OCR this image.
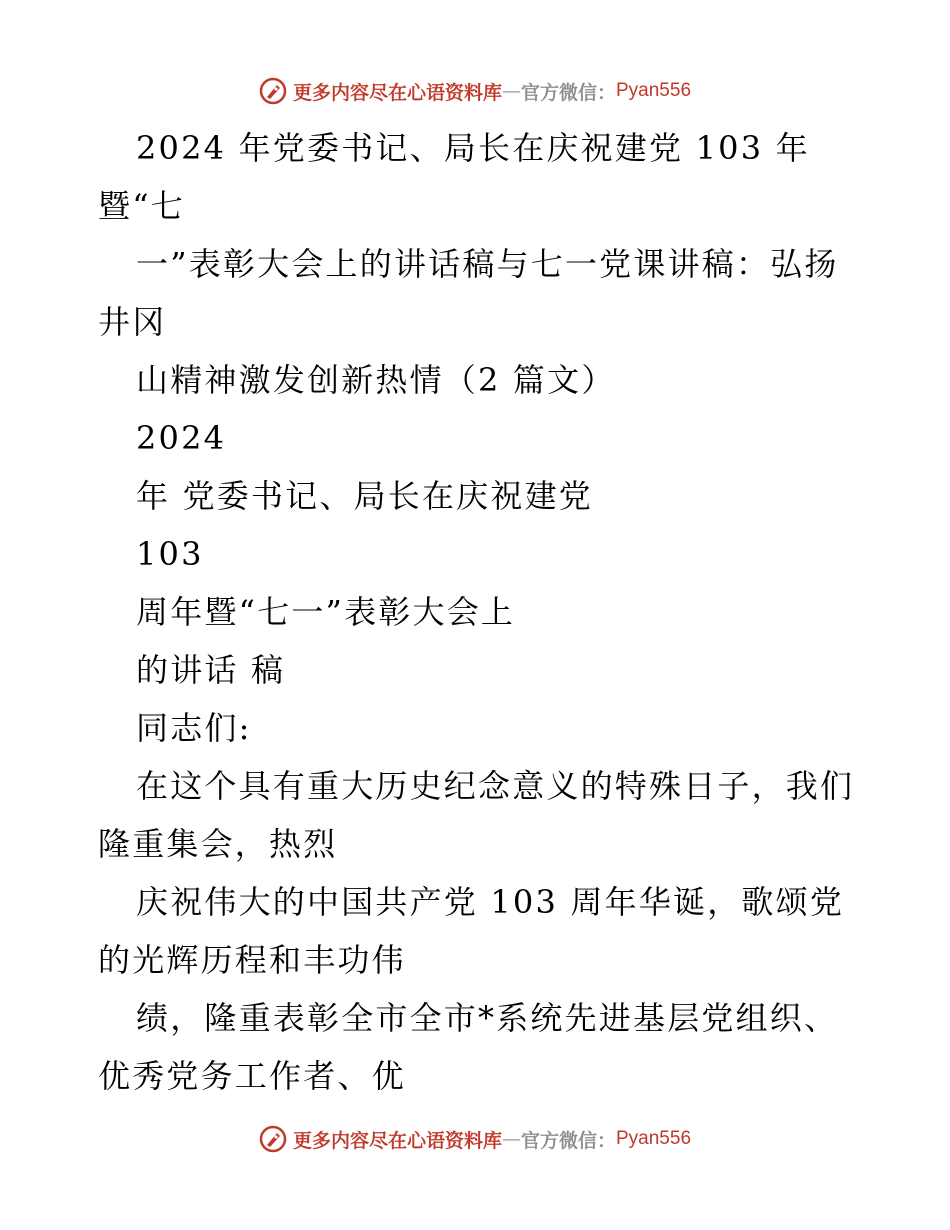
更多内容尽在心语资料库 — 官方微信： Pyan556
2024 年党委书记、局长在庆祝建党 103 年
暨“七
一”表彰大会上的讲话稿与七一党课讲稿：弘扬
井冈
山精神激发创新热情（2 篇文）
2024
年 党委书记、局长在庆祝建党
103
周年暨“七一”表彰大会上
的讲话 稿
同志们:
在这个具有重大历史纪念意义的特殊日子，我们
隆重集会，热烈
庆祝伟大的中国共产党 103 周年华诞，歌颂党
的光辉历程和丰功伟
绩，隆重表彰全市全市*系统先进基层党组织、
优秀党务工作者、优
更多内容尽在心语资料库 — 官方微信： Pyan556
